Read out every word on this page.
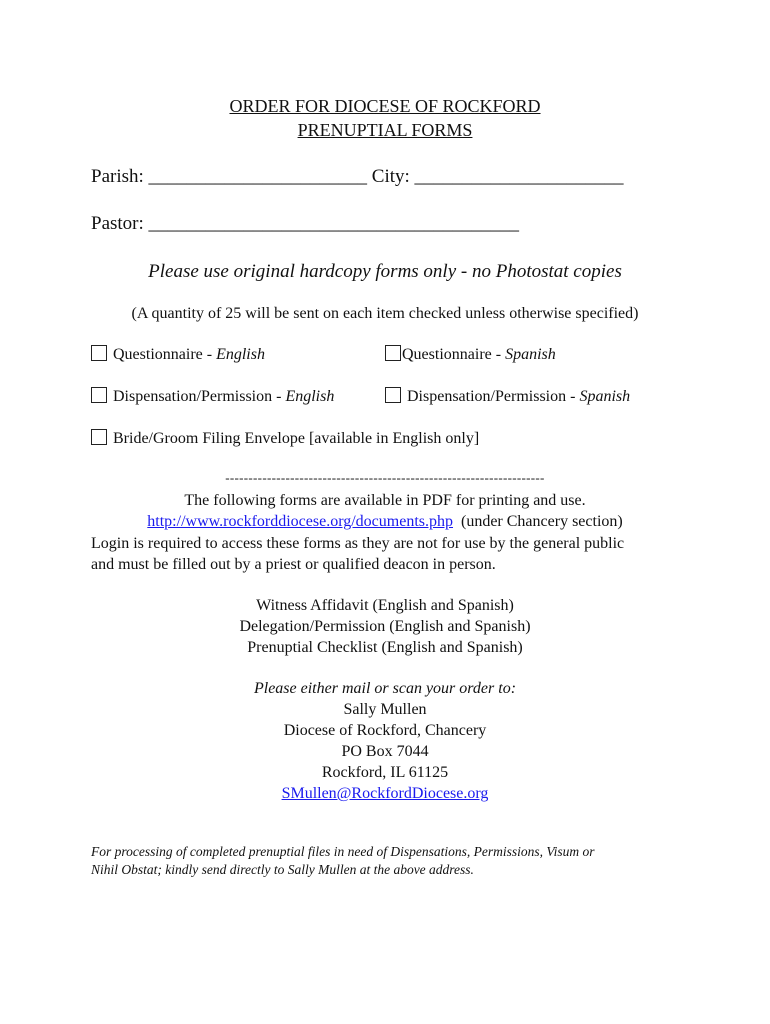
ORDER FOR DIOCESE OF ROCKFORD
PRENUPTIAL FORMS
Parish: _______________________ City: ______________________
Pastor: _______________________________________
Please use original hardcopy forms only - no Photostat copies
(A quantity of 25 will be sent on each item checked unless otherwise specified)
Questionnaire - English	Questionnaire - Spanish
Dispensation/Permission - English	Dispensation/Permission - Spanish
Bride/Groom Filing Envelope [available in English only]
---------------------------------------------------------------------
The following forms are available in PDF for printing and use.
http://www.rockforddiocese.org/documents.php (under Chancery section)
Login is required to access these forms as they are not for use by the general public
and must be filled out by a priest or qualified deacon in person.
Witness Affidavit (English and Spanish)
Delegation/Permission (English and Spanish)
Prenuptial Checklist (English and Spanish)
Please either mail or scan your order to:
Sally Mullen
Diocese of Rockford, Chancery
PO Box 7044
Rockford, IL 61125
SMullen@RockfordDiocese.org
For processing of completed prenuptial files in need of Dispensations, Permissions, Visum or
Nihil Obstat; kindly send directly to Sally Mullen at the above address.
